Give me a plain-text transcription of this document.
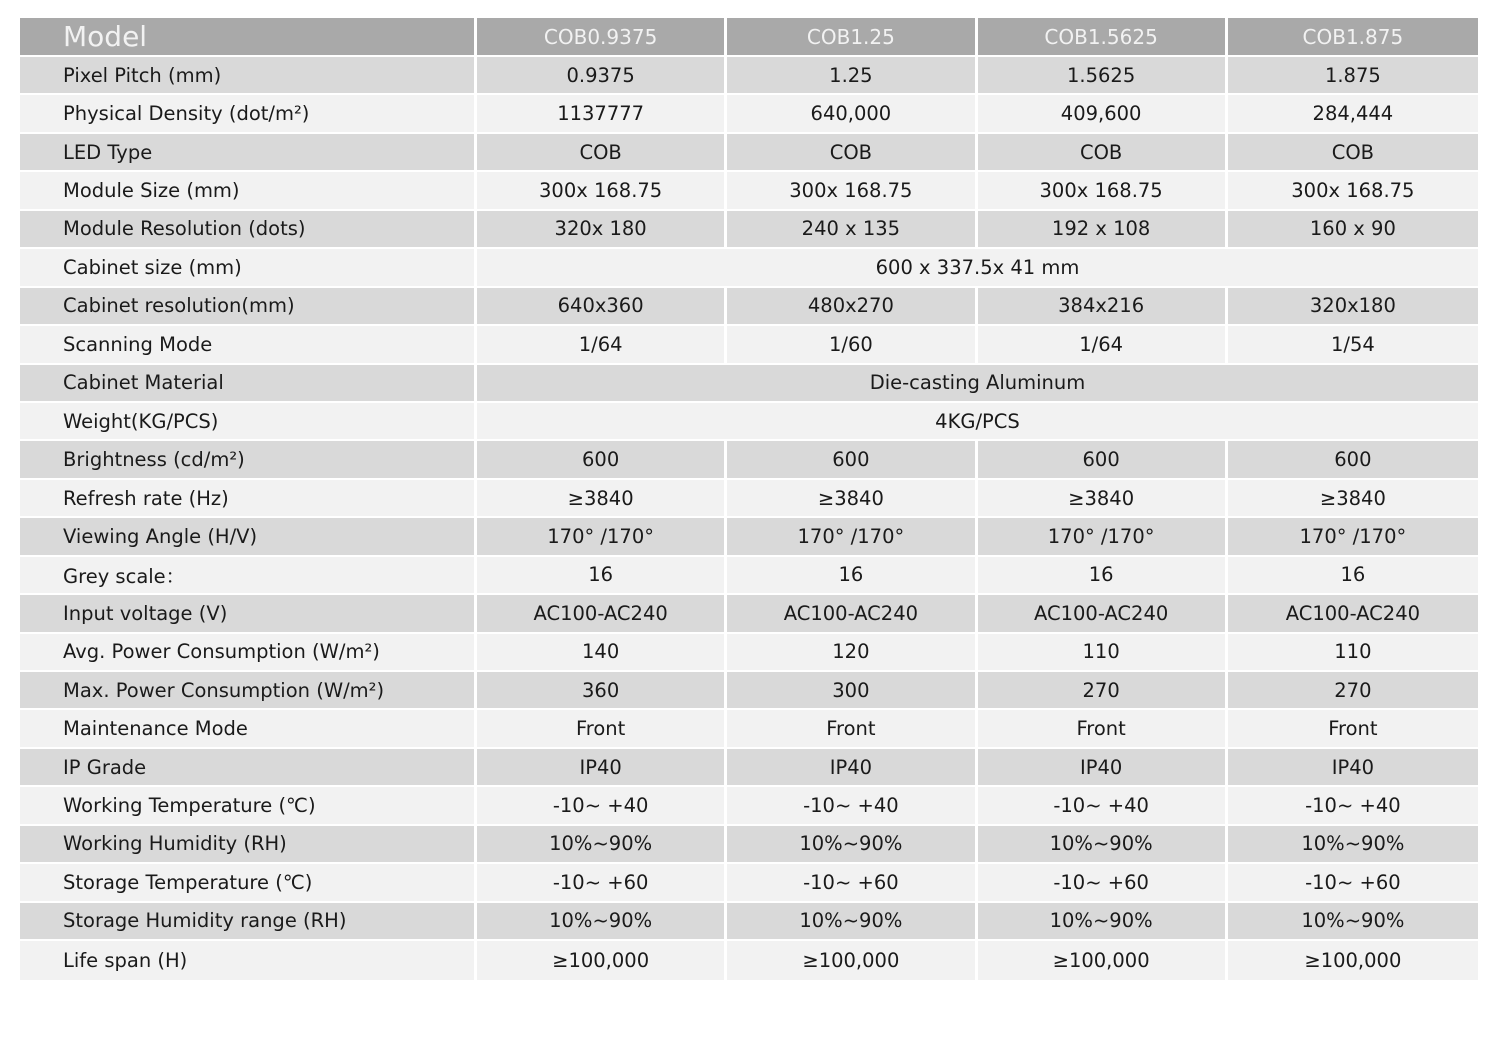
Model	COB0.9375	COB1.25	COB1.5625	COB1.875
Pixel Pitch (mm)	0.9375	1.25	1.5625	1.875
Physical Density (dot/m²)	1137777	640,000	409,600	284,444
LED Type	COB	COB	COB	COB
Module Size (mm)	300x 168.75	300x 168.75	300x 168.75	300x 168.75
Module Resolution (dots)	320x 180	240 x 135	192 x 108	160 x 90
Cabinet size (mm)	600 x 337.5x 41 mm			
Cabinet resolution(mm)	640x360	480x270	384x216	320x180
Scanning Mode	1/64	1/60	1/64	1/54
Cabinet Material	Die-casting Aluminum			
Weight(KG/PCS)	4KG/PCS			
Brightness (cd/m²)	600	600	600	600
Refresh rate (Hz)	≥3840	≥3840	≥3840	≥3840
Viewing Angle (H/V)	170° /170°	170° /170°	170° /170°	170° /170°
Grey scale：	16	16	16	16
Input voltage (V)	AC100-AC240	AC100-AC240	AC100-AC240	AC100-AC240
Avg. Power Consumption (W/m²)	140	120	110	110
Max. Power Consumption (W/m²)	360	300	270	270
Maintenance Mode	Front	Front	Front	Front
IP Grade	IP40	IP40	IP40	IP40
Working Temperature (℃)	-10~ +40	-10~ +40	-10~ +40	-10~ +40
Working Humidity (RH)	10%~90%	10%~90%	10%~90%	10%~90%
Storage Temperature (℃)	-10~ +60	-10~ +60	-10~ +60	-10~ +60
Storage Humidity range (RH)	10%~90%	10%~90%	10%~90%	10%~90%
Life span (H)	≥100,000	≥100,000	≥100,000	≥100,000
